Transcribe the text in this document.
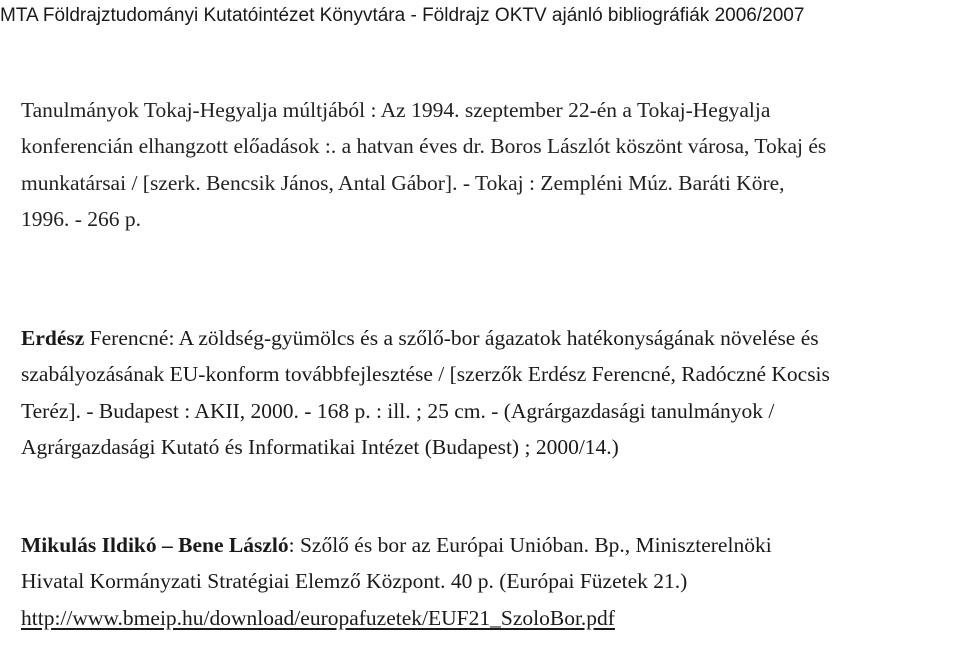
MTA Földrajztudományi Kutatóintézet Könyvtára - Földrajz OKTV ajánló bibliográfiák 2006/2007
Tanulmányok Tokaj-Hegyalja múltjából : Az 1994. szeptember 22-én a Tokaj-Hegyalja
konferencián elhangzott előadások :. a hatvan éves dr. Boros Lászlót köszönt városa, Tokaj és
munkatársai / [szerk. Bencsik János, Antal Gábor]. - Tokaj : Zempléni Múz. Baráti Köre,
1996. - 266 p.
Erdész Ferencné: A zöldség-gyümölcs és a szőlő-bor ágazatok hatékonyságának növelése és
szabályozásának EU-konform továbbfejlesztése / [szerzők Erdész Ferencné, Radóczné Kocsis
Teréz]. - Budapest : AKII, 2000. - 168 p. : ill. ; 25 cm. - (Agrárgazdasági tanulmányok /
Agrárgazdasági Kutató és Informatikai Intézet (Budapest) ; 2000/14.)
Mikulás Ildikó – Bene László: Szőlő és bor az Európai Unióban. Bp., Miniszterelnöki
Hivatal Kormányzati Stratégiai Elemző Központ. 40 p. (Európai Füzetek 21.)
http://www.bmeip.hu/download/europafuzetek/EUF21_SzoloBor.pdf
